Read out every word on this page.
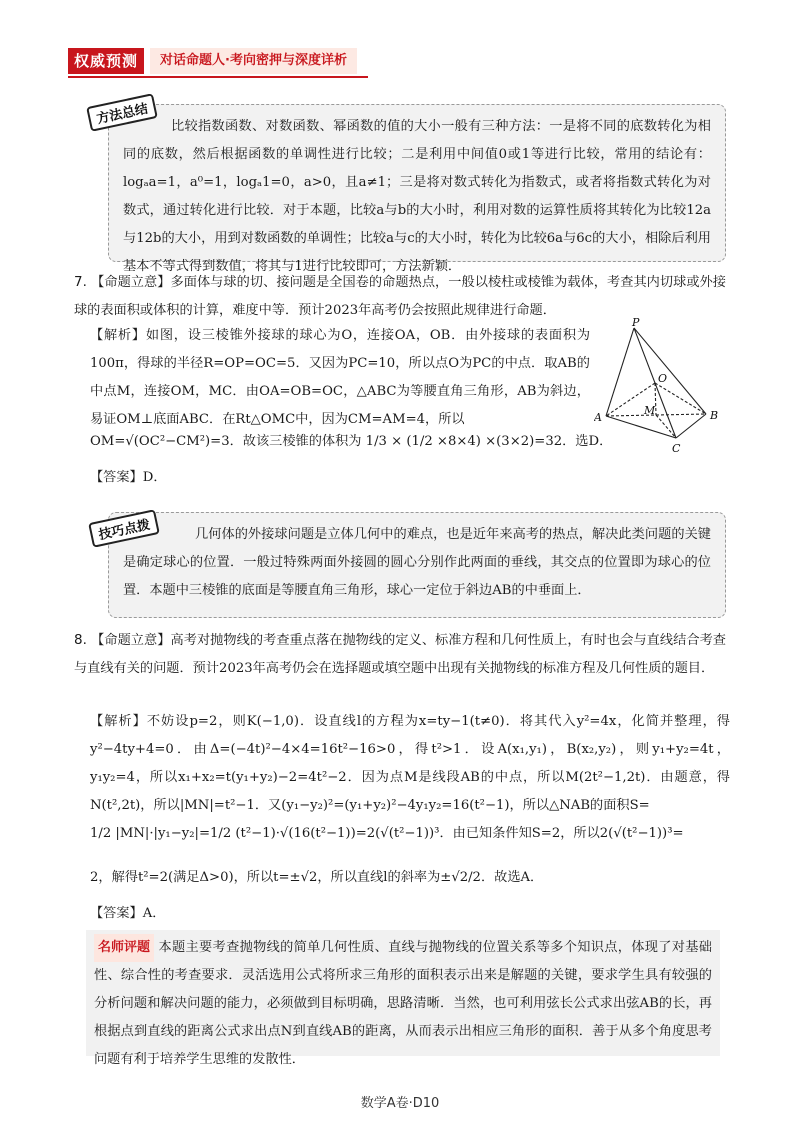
权威预测	对话命题人·考向密押与深度详析

比较指数函数、对数函数、幂函数的值的大小一般有三种方法：一是将不同的底数转化为相同的底数，然后根据函数的单调性进行比较；二是利用中间值0或1等进行比较，常用的结论有：logₐa=1，a⁰=1，logₐ1=0，a>0，且a≠1；三是将对数式转化为指数式，或者将指数式转化为对数式，通过转化进行比较．对于本题，比较a与b的大小时，利用对数的运算性质将其转化为比较12a与12b的大小，用到对数函数的单调性；比较a与c的大小时，转化为比较6a与6c的大小，相除后利用基本不等式得到数值，将其与1进行比较即可，方法新颖．

方法总结

7. 【命题立意】多面体与球的切、接问题是全国卷的命题热点，一般以棱柱或棱锥为载体，考查其内切球或外接球的表面积或体积的计算，难度中等．预计2023年高考仍会按照此规律进行命题．

【解析】如图，设三棱锥外接球的球心为O，连接OA，OB．由外接球的表面积为100π，得球的半径R=OP=OC=5．又因为PC=10，所以点O为PC的中点．取AB的中点M，连接OM，MC．由OA=OB=OC，△ABC为等腰直角三角形，AB为斜边，易证OM⊥底面ABC．在Rt△OMC中，因为CM=AM=4，所以

OM=√(OC²−CM²)=3．故该三棱锥的体积为 1/3 × (1/2 ×8×4) ×(3×2)=32．选D．

【答案】D．

P
O
M
A	B
C

几何体的外接球问题是立体几何中的难点，也是近年来高考的热点，解决此类问题的关键是确定球心的位置．一般过特殊两面外接圆的圆心分别作此两面的垂线，其交点的位置即为球心的位置．本题中三棱锥的底面是等腰直角三角形，球心一定位于斜边AB的中垂面上．

技巧点拨

8. 【命题立意】高考对抛物线的考查重点落在抛物线的定义、标准方程和几何性质上，有时也会与直线结合考查与直线有关的问题．预计2023年高考仍会在选择题或填空题中出现有关抛物线的标准方程及几何性质的题目．

【解析】不妨设p=2，则K(−1,0)．设直线l的方程为x=ty−1(t≠0)．将其代入y²=4x，化简并整理，得y²−4ty+4=0．由Δ=(−4t)²−4×4=16t²−16>0，得t²>1．设A(x₁,y₁)，B(x₂,y₂)，则y₁+y₂=4t，y₁y₂=4，所以x₁+x₂=t(y₁+y₂)−2=4t²−2．因为点M是线段AB的中点，所以M(2t²−1,2t)．由题意，得N(t²,2t)，所以|MN|=t²−1．又(y₁−y₂)²=(y₁+y₂)²−4y₁y₂=16(t²−1)，所以△NAB的面积S=

1/2 |MN|·|y₁−y₂|=1/2 (t²−1)·√(16(t²−1))=2(√(t²−1))³．由已知条件知S=2，所以2(√(t²−1))³=

2，解得t²=2(满足Δ>0)，所以t=±√2，所以直线l的斜率为±√2/2．故选A．

【答案】A．

名师评题 本题主要考查抛物线的简单几何性质、直线与抛物线的位置关系等多个知识点，体现了对基础性、综合性的考查要求．灵活选用公式将所求三角形的面积表示出来是解题的关键，要求学生具有较强的分析问题和解决问题的能力，必须做到目标明确，思路清晰．当然，也可利用弦长公式求出弦AB的长，再根据点到直线的距离公式求出点N到直线AB的距离，从而表示出相应三角形的面积．善于从多个角度思考问题有利于培养学生思维的发散性．

数学A卷·D10
